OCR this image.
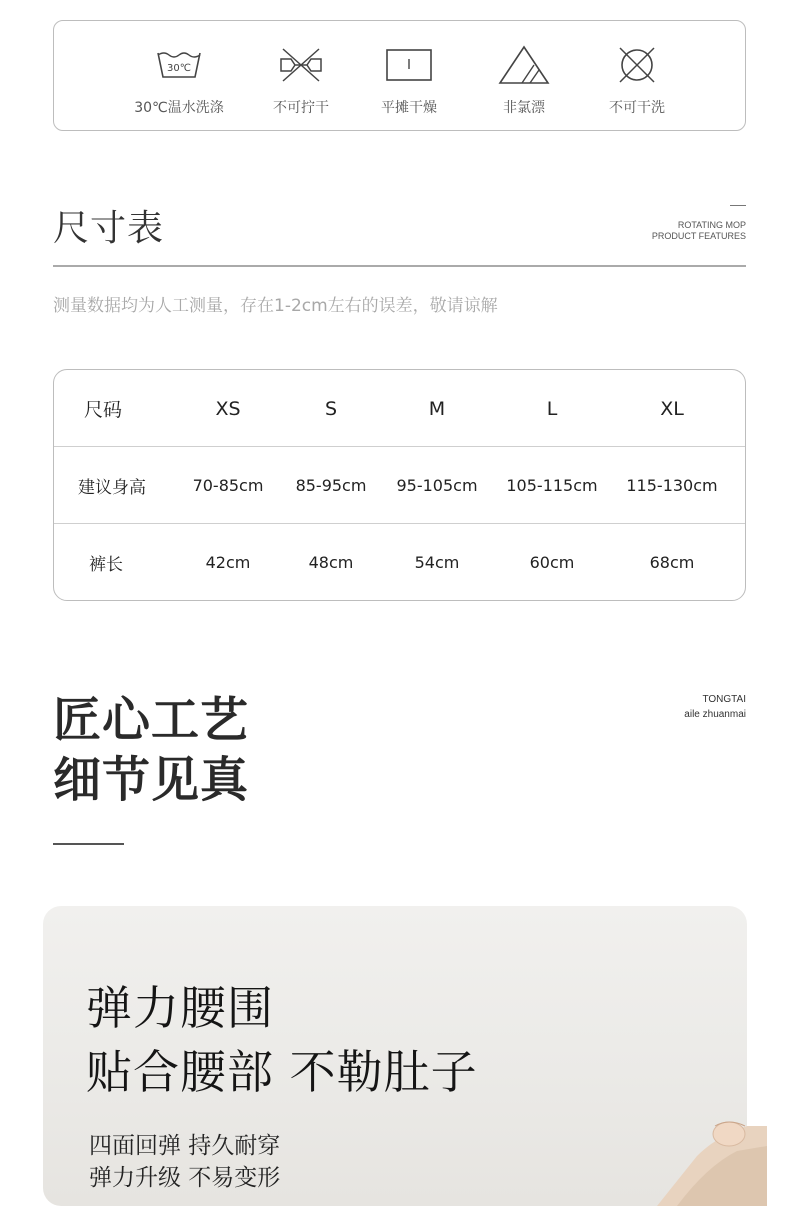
30℃
30℃温水洗涤	不可拧干	平摊干燥	非氯漂	不可干洗
尺寸表	ROTATING MOP
PRODUCT FEATURES
测量数据均为人工测量，存在1-2cm左右的误差，敬请谅解
尺码	XS	S	M	L	XL
建议身高	70-85cm	85-95cm	95-105cm	105-115cm	115-130cm
裤长	42cm	48cm	54cm	60cm	68cm
匠心工艺
细节见真
TONGTAI
aile zhuanmai
弹力腰围
贴合腰部 不勒肚子
四面回弹 持久耐穿
弹力升级 不易变形
